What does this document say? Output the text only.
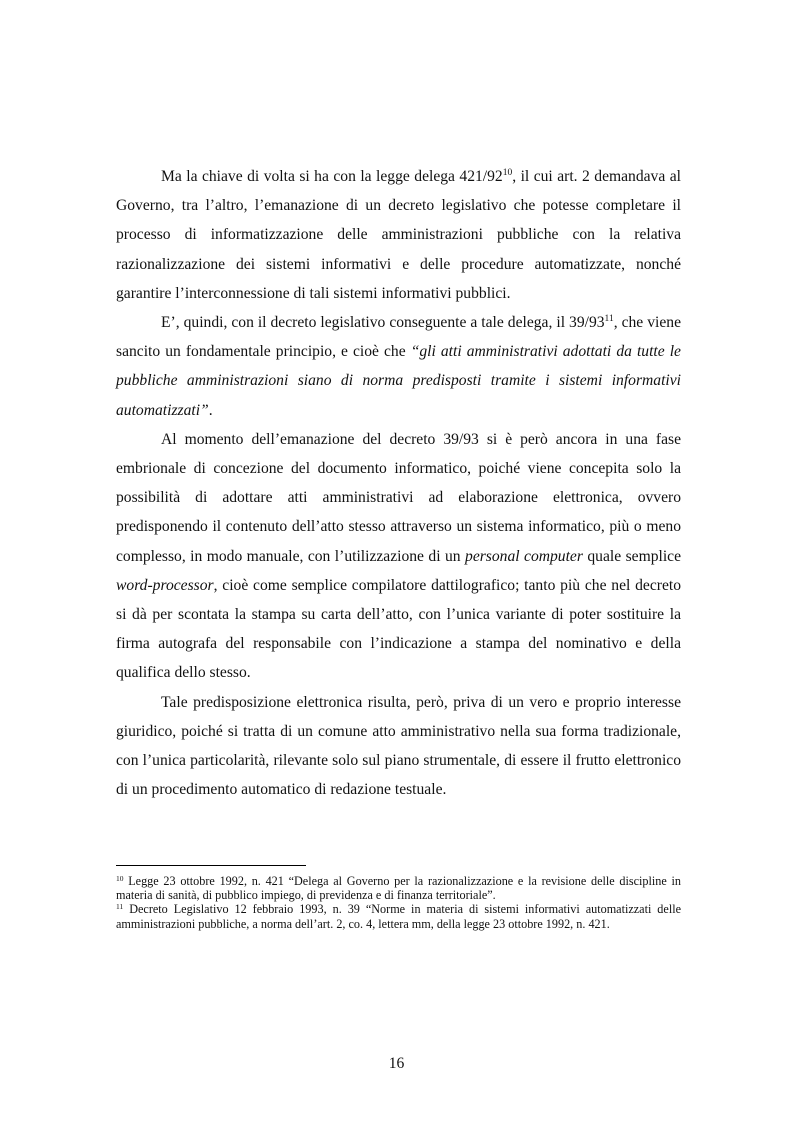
Ma la chiave di volta si ha con la legge delega $421/92^{10}$, il cui art. 2 demandava al Governo, tra l’altro, l’emanazione di un decreto legislativo che potesse completare il processo di informatizzazione delle amministrazioni pubbliche con la relativa razionalizzazione dei sistemi informativi e delle procedure automatizzate, nonché garantire l’interconnessione di tali sistemi informativi pubblici.

E’, quindi, con il decreto legislativo conseguente a tale delega, il $39/93^{11}$, che viene sancito un fondamentale principio, e cioè che “gli atti amministrativi adottati da tutte le pubbliche amministrazioni siano di norma predisposti tramite i sistemi informativi automatizzati”.

Al momento dell’emanazione del decreto 39/93 si è però ancora in una fase embrionale di concezione del documento informatico, poiché viene concepita solo la possibilità di adottare atti amministrativi ad elaborazione elettronica, ovvero predisponendo il contenuto dell’atto stesso attraverso un sistema informatico, più o meno complesso, in modo manuale, con l’utilizzazione di un personal computer quale semplice word-processor, cioè come semplice compilatore dattilografico; tanto più che nel decreto si dà per scontata la stampa su carta dell’atto, con l’unica variante di poter sostituire la firma autografa del responsabile con l’indicazione a stampa del nominativo e della qualifica dello stesso.

Tale predisposizione elettronica risulta, però, priva di un vero e proprio interesse giuridico, poiché si tratta di un comune atto amministrativo nella sua forma tradizionale, con l’unica particolarità, rilevante solo sul piano strumentale, di essere il frutto elettronico di un procedimento automatico di redazione testuale.

$^{10}$ Legge 23 ottobre 1992, n. 421 “Delega al Governo per la razionalizzazione e la revisione delle discipline in materia di sanità, di pubblico impiego, di previdenza e di finanza territoriale”.

$^{11}$ Decreto Legislativo 12 febbraio 1993, n. 39 “Norme in materia di sistemi informativi automatizzati delle amministrazioni pubbliche, a norma dell’art. 2, co. 4, lettera mm, della legge 23 ottobre 1992, n. 421.

16
